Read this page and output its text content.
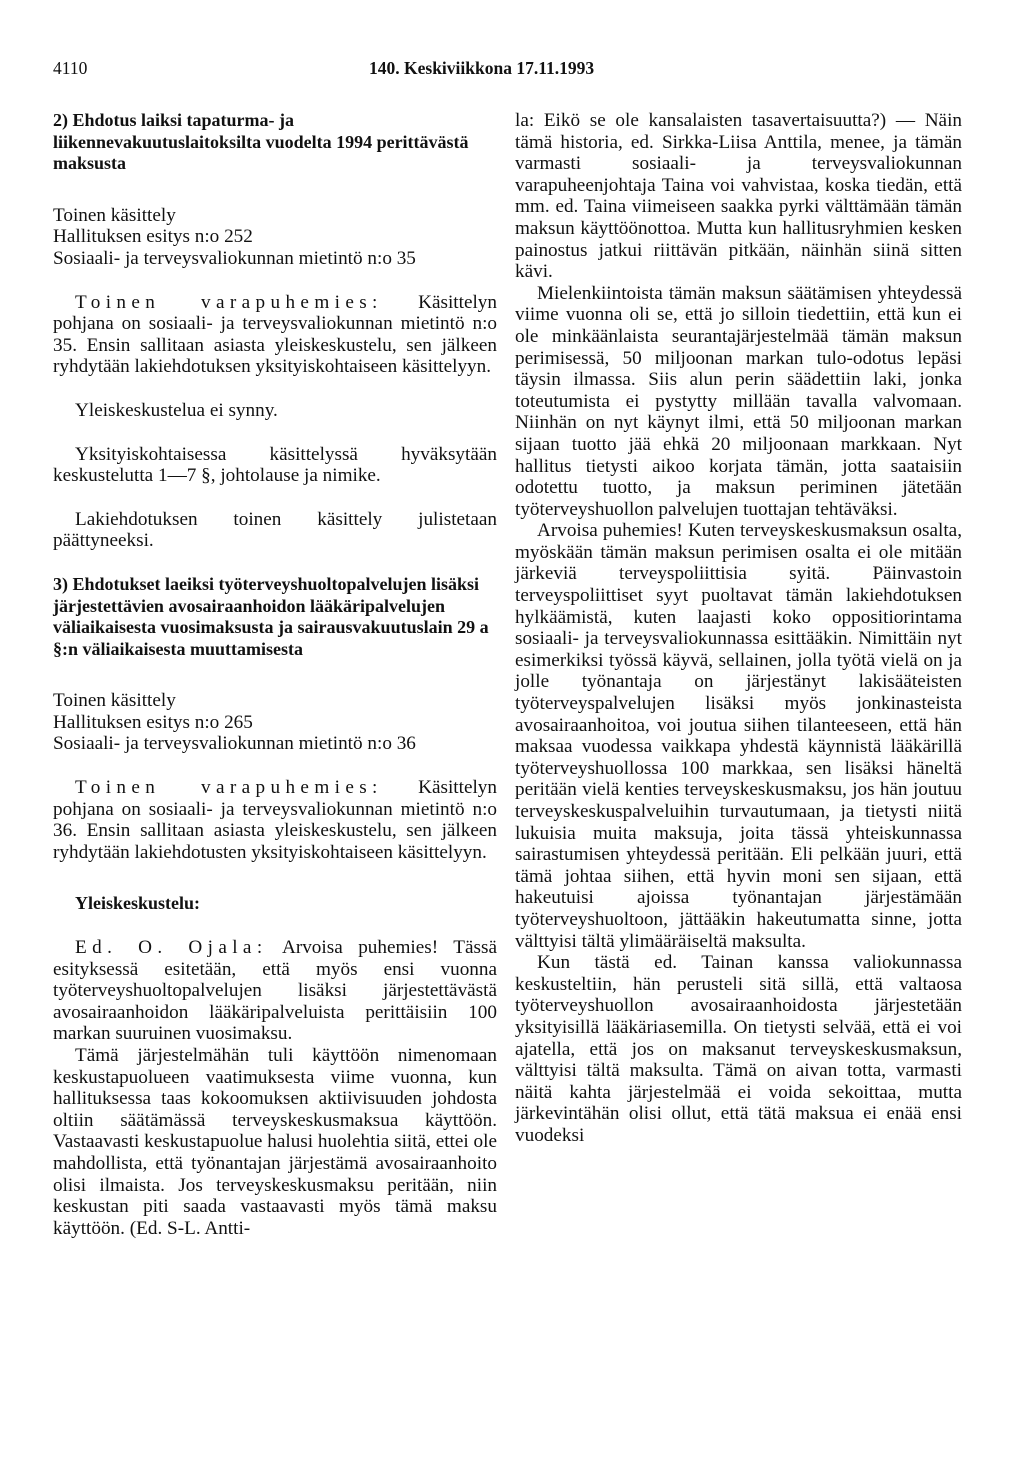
4110	140. Keskiviikkona 17.11.1993

2) Ehdotus laiksi tapaturma- ja liikennevakuutuslaitoksilta vuodelta 1994 perittävästä maksusta

Toinen käsittely
Hallituksen esitys n:o 252
Sosiaali- ja terveysvaliokunnan mietintö n:o 35

Toinen varapuhemies: Käsittelyn pohjana on sosiaali- ja terveysvaliokunnan mietintö n:o 35. Ensin sallitaan asiasta yleiskeskustelu, sen jälkeen ryhdytään lakiehdotuksen yksityiskohtaiseen käsittelyyn.

Yleiskeskustelua ei synny.

Yksityiskohtaisessa käsittelyssä hyväksytään keskustelutta 1—7 §, johtolause ja nimike.

Lakiehdotuksen toinen käsittely julistetaan päättyneeksi.

3) Ehdotukset laeiksi työterveyshuoltopalvelujen lisäksi järjestettävien avosairaanhoidon lääkäripalvelujen väliaikaisesta vuosimaksusta ja sairausvakuutuslain 29 a §:n väliaikaisesta muuttamisesta

Toinen käsittely
Hallituksen esitys n:o 265
Sosiaali- ja terveysvaliokunnan mietintö n:o 36

Toinen varapuhemies: Käsittelyn pohjana on sosiaali- ja terveysvaliokunnan mietintö n:o 36. Ensin sallitaan asiasta yleiskeskustelu, sen jälkeen ryhdytään lakiehdotusten yksityiskohtaiseen käsittelyyn.

Yleiskeskustelu:

Ed. O. Ojala: Arvoisa puhemies! Tässä esityksessä esitetään, että myös ensi vuonna työterveyshuoltopalvelujen lisäksi järjestettävästä avosairaanhoidon lääkäripalveluista perittäisiin 100 markan suuruinen vuosimaksu.

Tämä järjestelmähän tuli käyttöön nimenomaan keskustapuolueen vaatimuksesta viime vuonna, kun hallituksessa taas kokoomuksen aktiivisuuden johdosta oltiin säätämässä terveyskeskusmaksua käyttöön. Vastaavasti keskustapuolue halusi huolehtia siitä, ettei ole mahdollista, että työnantajan järjestämä avosairaanhoito olisi ilmaista. Jos terveyskeskusmaksu peritään, niin keskustan piti saada vastaavasti myös tämä maksu käyttöön. (Ed. S-L. Antti-

la: Eikö se ole kansalaisten tasavertaisuutta?) — Näin tämä historia, ed. Sirkka-Liisa Anttila, menee, ja tämän varmasti sosiaali- ja terveysvaliokunnan varapuheenjohtaja Taina voi vahvistaa, koska tiedän, että mm. ed. Taina viimeiseen saakka pyrki välttämään tämän maksun käyttöönottoa. Mutta kun hallitusryhmien kesken painostus jatkui riittävän pitkään, näinhän siinä sitten kävi.

Mielenkiintoista tämän maksun säätämisen yhteydessä viime vuonna oli se, että jo silloin tiedettiin, että kun ei ole minkäänlaista seurantajärjestelmää tämän maksun perimisessä, 50 miljoonan markan tulo-odotus lepäsi täysin ilmassa. Siis alun perin säädettiin laki, jonka toteutumista ei pystytty millään tavalla valvomaan. Niinhän on nyt käynyt ilmi, että 50 miljoonan markan sijaan tuotto jää ehkä 20 miljoonaan markkaan. Nyt hallitus tietysti aikoo korjata tämän, jotta saataisiin odotettu tuotto, ja maksun periminen jätetään työterveyshuollon palvelujen tuottajan tehtäväksi.

Arvoisa puhemies! Kuten terveyskeskusmaksun osalta, myöskään tämän maksun perimisen osalta ei ole mitään järkeviä terveyspoliittisia syitä. Päinvastoin terveyspoliittiset syyt puoltavat tämän lakiehdotuksen hylkäämistä, kuten laajasti koko oppositiorintama sosiaali- ja terveysvaliokunnassa esittääkin. Nimittäin nyt esimerkiksi työssä käyvä, sellainen, jolla työtä vielä on ja jolle työnantaja on järjestänyt lakisääteisten työterveyspalvelujen lisäksi myös jonkinasteista avosairaanhoitoa, voi joutua siihen tilanteeseen, että hän maksaa vuodessa vaikkapa yhdestä käynnistä lääkärillä työterveyshuollossa 100 markkaa, sen lisäksi häneltä peritään vielä kenties terveyskeskusmaksu, jos hän joutuu terveyskeskuspalveluihin turvautumaan, ja tietysti niitä lukuisia muita maksuja, joita tässä yhteiskunnassa sairastumisen yhteydessä peritään. Eli pelkään juuri, että tämä johtaa siihen, että hyvin moni sen sijaan, että hakeutuisi ajoissa työnantajan järjestämään työterveyshuoltoon, jättääkin hakeutumatta sinne, jotta välttyisi tältä ylimääräiseltä maksulta.

Kun tästä ed. Tainan kanssa valiokunnassa keskusteltiin, hän perusteli sitä sillä, että valtaosa työterveyshuollon avosairaanhoidosta järjestetään yksityisillä lääkäriasemilla. On tietysti selvää, että ei voi ajatella, että jos on maksanut terveyskeskusmaksun, välttyisi tältä maksulta. Tämä on aivan totta, varmasti näitä kahta järjestelmää ei voida sekoittaa, mutta järkevintähän olisi ollut, että tätä maksua ei enää ensi vuodeksi
